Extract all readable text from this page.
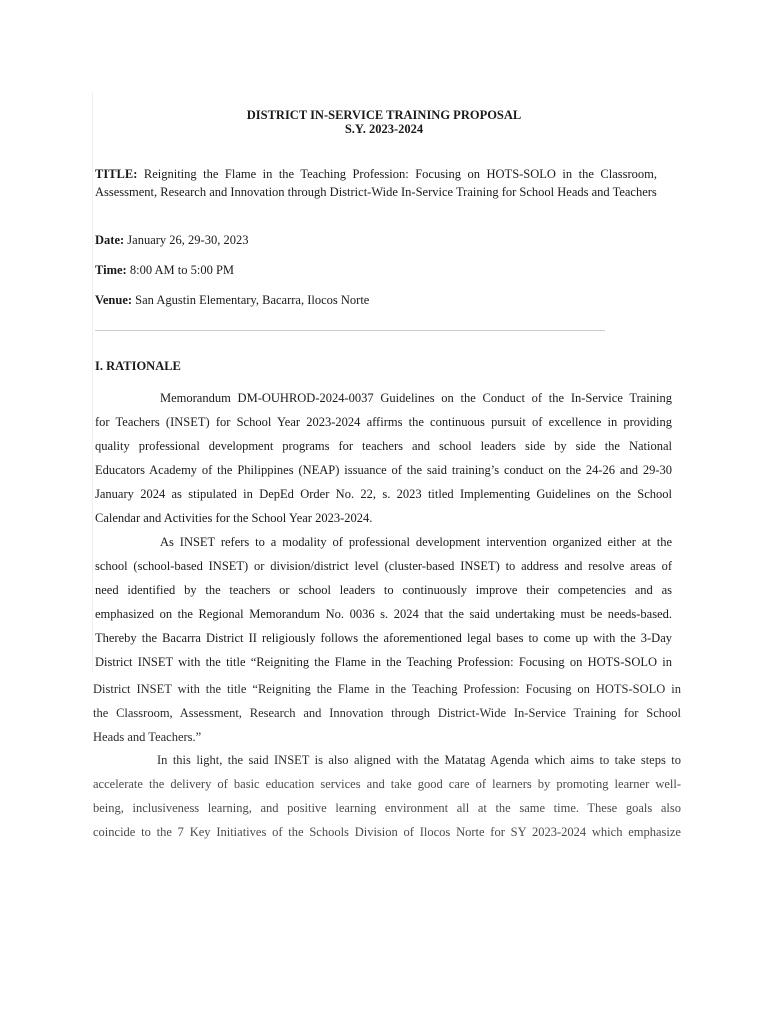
DISTRICT IN-SERVICE TRAINING PROPOSAL
S.Y. 2023-2024
TITLE: Reigniting the Flame in the Teaching Profession: Focusing on HOTS-SOLO in the Classroom, Assessment, Research and Innovation through District-Wide In-Service Training for School Heads and Teachers
Date: January 26, 29-30, 2023
Time: 8:00 AM to 5:00 PM
Venue: San Agustin Elementary, Bacarra, Ilocos Norte
I. RATIONALE
Memorandum DM-OUHROD-2024-0037 Guidelines on the Conduct of the In-Service Training
for Teachers (INSET) for School Year 2023-2024 affirms the continuous pursuit of excellence in providing
quality professional development programs for teachers and school leaders side by side the National
Educators Academy of the Philippines (NEAP) issuance of the said training’s conduct on the 24-26 and 29-30
January 2024 as stipulated in DepEd Order No. 22, s. 2023 titled Implementing Guidelines on the School
Calendar and Activities for the School Year 2023-2024.
As INSET refers to a modality of professional development intervention organized either at the
school (school-based INSET) or division/district level (cluster-based INSET) to address and resolve areas of
need identified by the teachers or school leaders to continuously improve their competencies and as
emphasized on the Regional Memorandum No. 0036 s. 2024 that the said undertaking must be needs-based.
Thereby the Bacarra District II religiously follows the aforementioned legal bases to come up with the 3-Day
District INSET with the title “Reigniting the Flame in the Teaching Profession: Focusing on HOTS-SOLO in
District INSET with the title “Reigniting the Flame in the Teaching Profession: Focusing on HOTS-SOLO in
the Classroom, Assessment, Research and Innovation through District-Wide In-Service Training for School
Heads and Teachers.”
In this light, the said INSET is also aligned with the Matatag Agenda which aims to take steps to
accelerate the delivery of basic education services and take good care of learners by promoting learner well-
being, inclusiveness learning, and positive learning environment all at the same time. These goals also
coincide to the 7 Key Initiatives of the Schools Division of Ilocos Norte for SY 2023-2024 which emphasize
